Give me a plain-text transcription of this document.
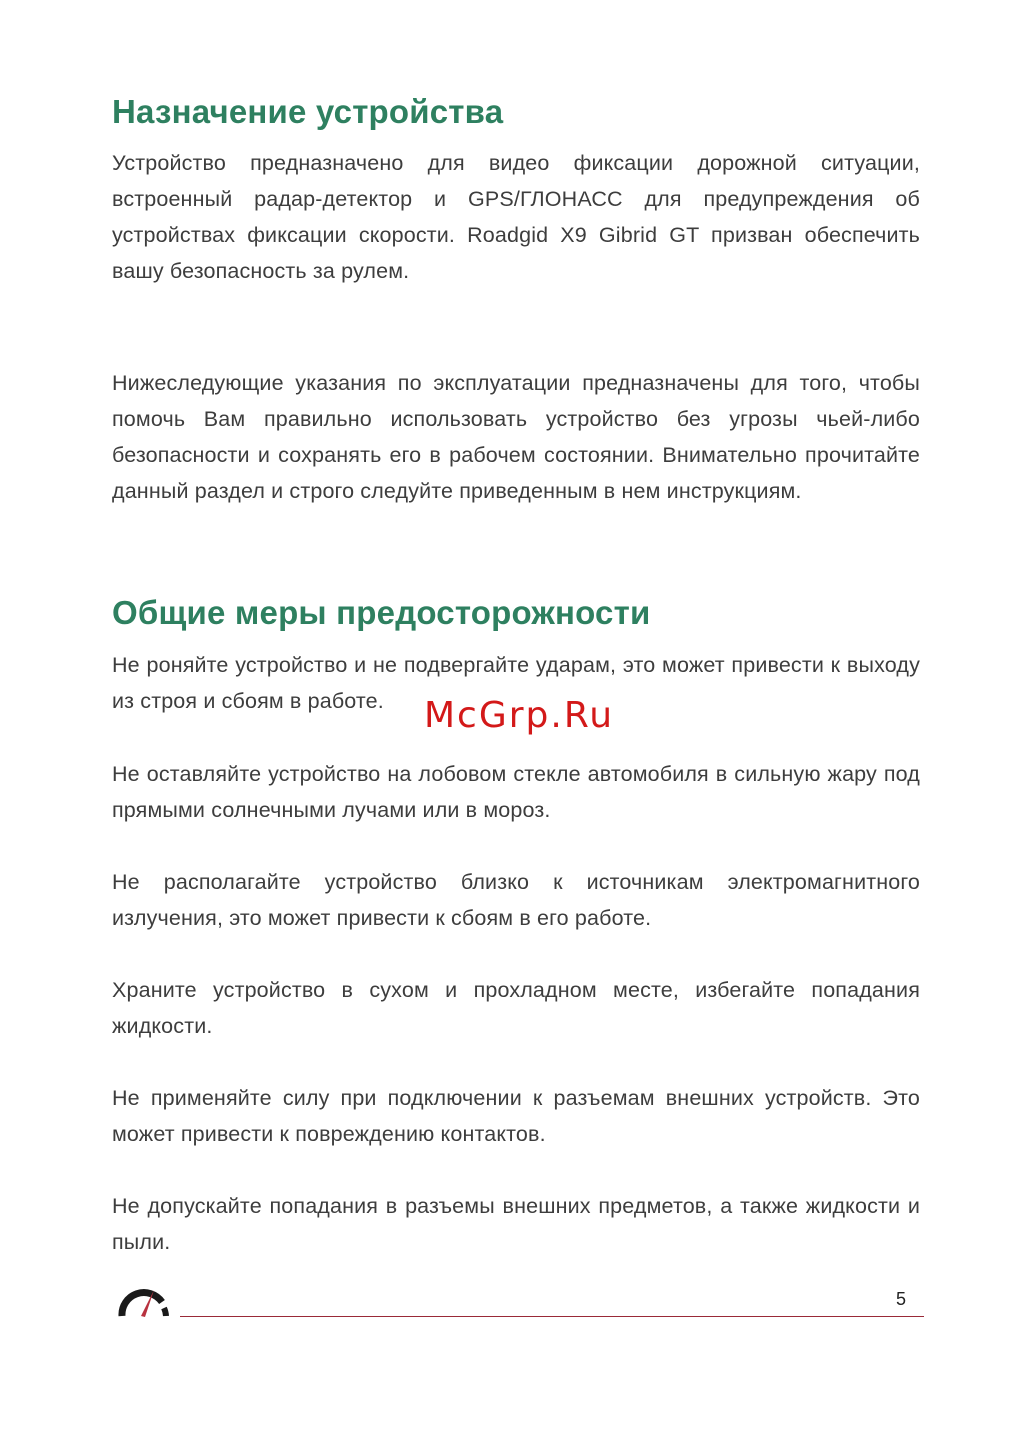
Назначение устройства

Устройство предназначено для видео фиксации дорожной ситуации, встроенный радар-детектор и GPS/ГЛОНАСС для предупреждения об устройствах фиксации скорости. Roadgid X9 Gibrid GT призван обеспечить вашу безопасность за рулем.

Нижеследующие указания по эксплуатации предназначены для того, чтобы помочь Вам правильно использовать устройство без угрозы чьей-либо безопасности и сохранять его в рабочем состоянии. Внимательно прочитайте данный раздел и строго следуйте приведенным в нем инструкциям.

Общие меры предосторожности

Не роняйте устройство и не подвергайте ударам, это может привести к выходу из строя и сбоям в работе.

Не оставляйте устройство на лобовом стекле автомобиля в сильную жару под прямыми солнечными лучами или в мороз.

Не располагайте устройство близко к источникам электромагнитного излучения, это может привести к сбоям в его работе.

Храните устройство в сухом и прохладном месте, избегайте попадания жидкости.

Не применяйте силу при подключении к разъемам внешних устройств. Это может привести к повреждению контактов.

Не допускайте попадания в разъемы внешних предметов, а также жидкости и пыли.

McGrp.Ru
5
